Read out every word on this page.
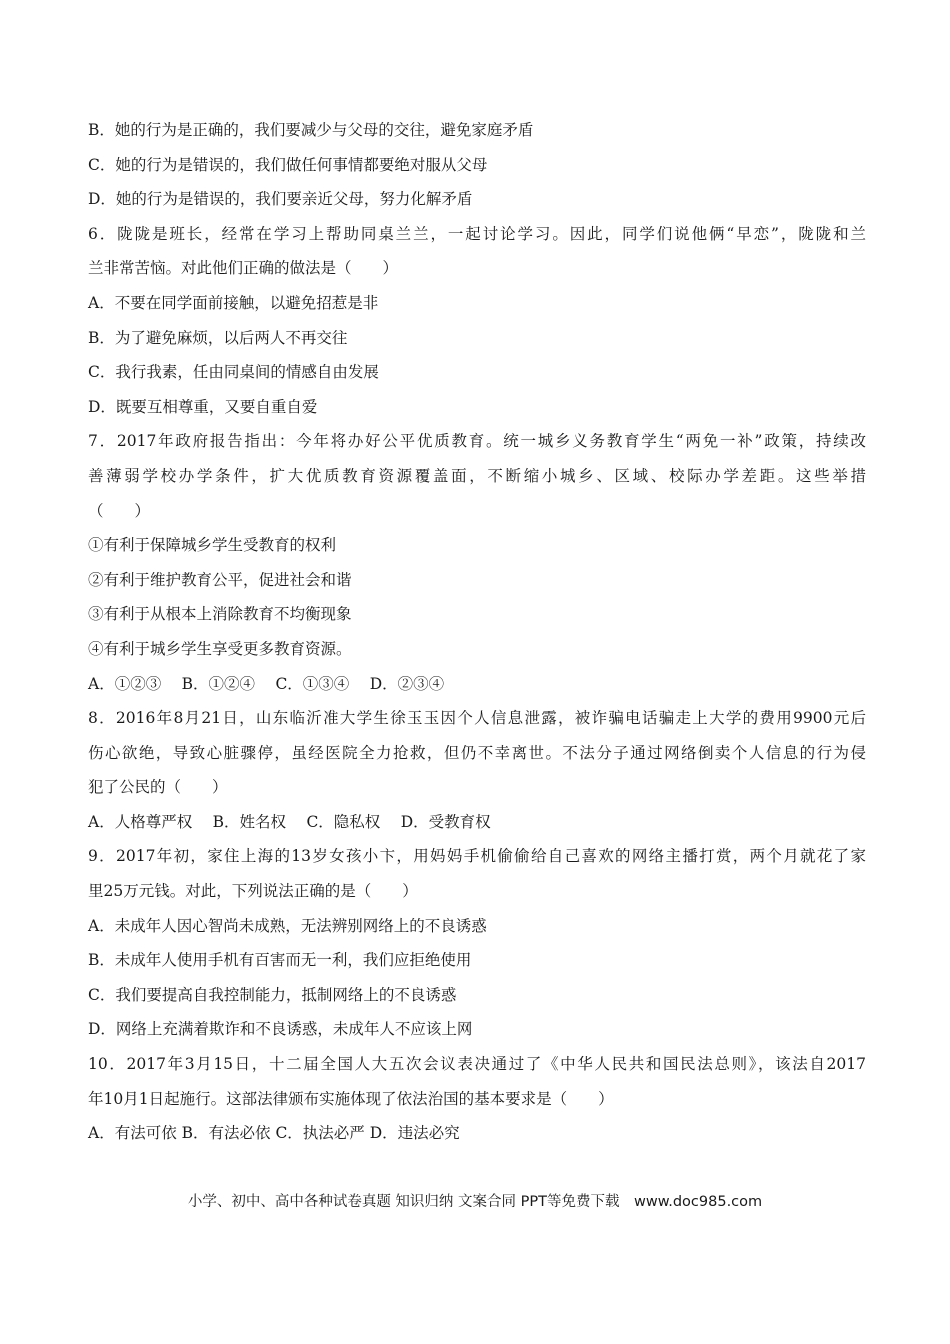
B．她的行为是正确的，我们要减少与父母的交往，避免家庭矛盾
C．她的行为是错误的，我们做任何事情都要绝对服从父母
D．她的行为是错误的，我们要亲近父母，努力化解矛盾
6．陇陇是班长，经常在学习上帮助同桌兰兰，一起讨论学习。因此，同学们说他俩“早恋”，陇陇和兰
兰非常苦恼。对此他们正确的做法是（　　）
A．不要在同学面前接触，以避免招惹是非
B．为了避免麻烦，以后两人不再交往
C．我行我素，任由同桌间的情感自由发展
D．既要互相尊重，又要自重自爱
7．2017年政府报告指出：今年将办好公平优质教育。统一城乡义务教育学生“两免一补”政策，持续改
善薄弱学校办学条件，扩大优质教育资源覆盖面，不断缩小城乡、区域、校际办学差距。这些举措
（　　）
①有利于保障城乡学生受教育的权利
②有利于维护教育公平，促进社会和谐
③有利于从根本上消除教育不均衡现象
④有利于城乡学生享受更多教育资源。
A．①②③　 B．①②④　 C．①③④　 D．②③④
8．2016年8月21日，山东临沂准大学生徐玉玉因个人信息泄露，被诈骗电话骗走上大学的费用9900元后
伤心欲绝，导致心脏骤停，虽经医院全力抢救，但仍不幸离世。不法分子通过网络倒卖个人信息的行为侵
犯了公民的（　　）
A．人格尊严权　 B．姓名权　 C．隐私权　 D．受教育权
9．2017年初，家住上海的13岁女孩小卞，用妈妈手机偷偷给自己喜欢的网络主播打赏，两个月就花了家
里25万元钱。对此，下列说法正确的是（　　）
A．未成年人因心智尚未成熟，无法辨别网络上的不良诱惑
B．未成年人使用手机有百害而无一利，我们应拒绝使用
C．我们要提高自我控制能力，抵制网络上的不良诱惑
D．网络上充满着欺诈和不良诱惑，未成年人不应该上网
10．2017年3月15日，十二届全国人大五次会议表决通过了《中华人民共和国民法总则》，该法自2017
年10月1日起施行。这部法律颁布实施体现了依法治国的基本要求是（　　）
A．有法可依 B．有法必依 C．执法必严 D．违法必究
小学、初中、高中各种试卷真题 知识归纳 文案合同 PPT等免费下载　www.doc985.com
